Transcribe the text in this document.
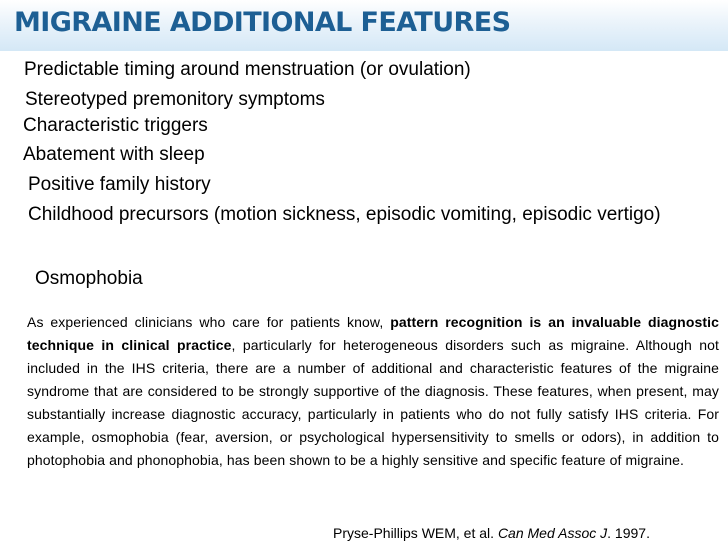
MIGRAINE ADDITIONAL FEATURES

Predictable timing around menstruation (or ovulation)

Stereotyped premonitory symptoms

Characteristic triggers

Abatement with sleep

Positive family history

Childhood precursors (motion sickness, episodic vomiting, episodic vertigo)

Osmophobia

As experienced clinicians who care for patients know, pattern recognition is an invaluable diagnostic technique in clinical practice, particularly for heterogeneous disorders such as migraine. Although not included in the IHS criteria, there are a number of additional and characteristic features of the migraine syndrome that are considered to be strongly supportive of the diagnosis. These features, when present, may substantially increase diagnostic accuracy, particularly in patients who do not fully satisfy IHS criteria. For example, osmophobia (fear, aversion, or psychological hypersensitivity to smells or odors), in addition to photophobia and phonophobia, has been shown to be a highly sensitive and specific feature of migraine.

Pryse-Phillips WEM, et al. Can Med Assoc J. 1997.
